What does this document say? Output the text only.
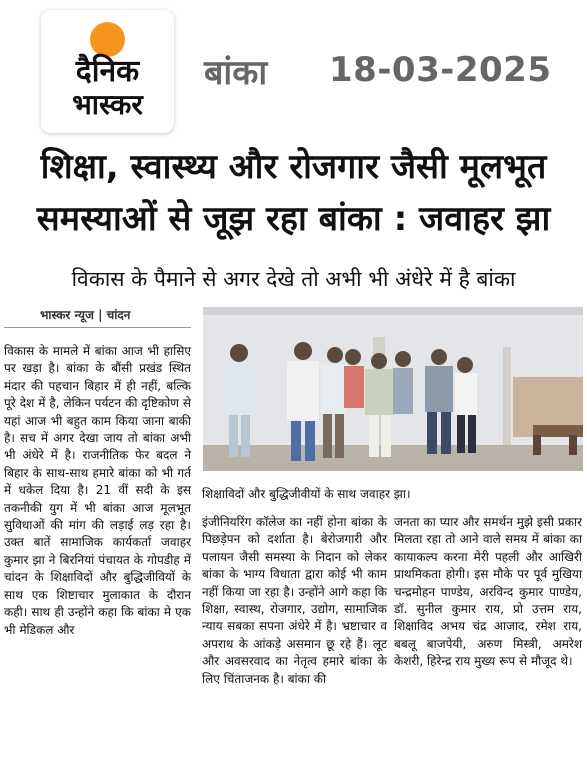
दैनिक
भास्कर
बांका 18-03-2025
शिक्षा, स्वास्थ्य और रोजगार जैसी मूलभूत
समस्याओं से जूझ रहा बांका : जवाहर झा
विकास के पैमाने से अगर देखे तो अभी भी अंधेरे में है बांका
भास्कर न्यूज | चांदन

विकास के मामले में बांका आज भी हासिए पर खड़ा है। बांका के बौंसी प्रखंड स्थित मंदार की पहचान बिहार में ही नहीं, बल्कि पूरे देश में है, लेकिन पर्यटन की दृष्टिकोण से यहां आज भी बहुत काम किया जाना बाकी है। सच में अगर देखा जाय तो बांका अभी भी अंधेरे में है। राजनीतिक फेर बदल ने बिहार के साथ-साथ हमारे बांका को भी गर्त में धकेल दिया है। 21 वीं सदी के इस तकनीकी युग में भी बांका आज मूलभूत सुविधाओं की मांग की लड़ाई लड़ रहा है। उक्त बातें सामाजिक कार्यकर्ता जवाहर कुमार झा ने बिरनियां पंचायत के गोपडीह में चांदन के शिक्षाविदों और बुद्धिजीवियों के साथ एक शिष्टाचार मुलाकात के दौरान कही। साथ ही उन्होंने कहा कि बांका मे एक भी मेडिकल और

शिक्षाविदों और बुद्धिजीवीयों के साथ जवाहर झा।

इंजीनियरिंग कॉलेज का नहीं होना बांका के पिछड़ेपन को दर्शाता है। बेरोजगारी और पलायन जैसी समस्या के निदान को लेकर बांका के भाग्य विधाता द्वारा कोई भी काम नहीं किया जा रहा है। उन्होंने आगे कहा कि शिक्षा, स्वास्थ, रोजगार, उद्योग, सामाजिक न्याय सबका सपना अंधेरे में है। भ्रष्टाचार व अपराध के आंकड़े असमान छू रहे हैं। लूट और अवसरवाद का नेतृत्व हमारे बांका के लिए चिंताजनक है। बांका की

जनता का प्यार और समर्थन मुझे इसी प्रकार मिलता रहा तो आने वाले समय में बांका का कायाकल्प करना मेरी पहली और आखिरी प्राथमिकता होगी। इस मौके पर पूर्व मुखिया चन्द्रमोहन पाण्डेय, अरविन्द कुमार पाण्डेय, डॉ. सुनील कुमार राय, प्रो उत्तम राय, शिक्षाविद अभय चंद्र आजाद, रमेश राय, बबलू बाजपेयी, अरुण मिस्त्री, अमरेश केशरी, हिरेन्द्र राय मुख्य रूप से मौजूद थे।
